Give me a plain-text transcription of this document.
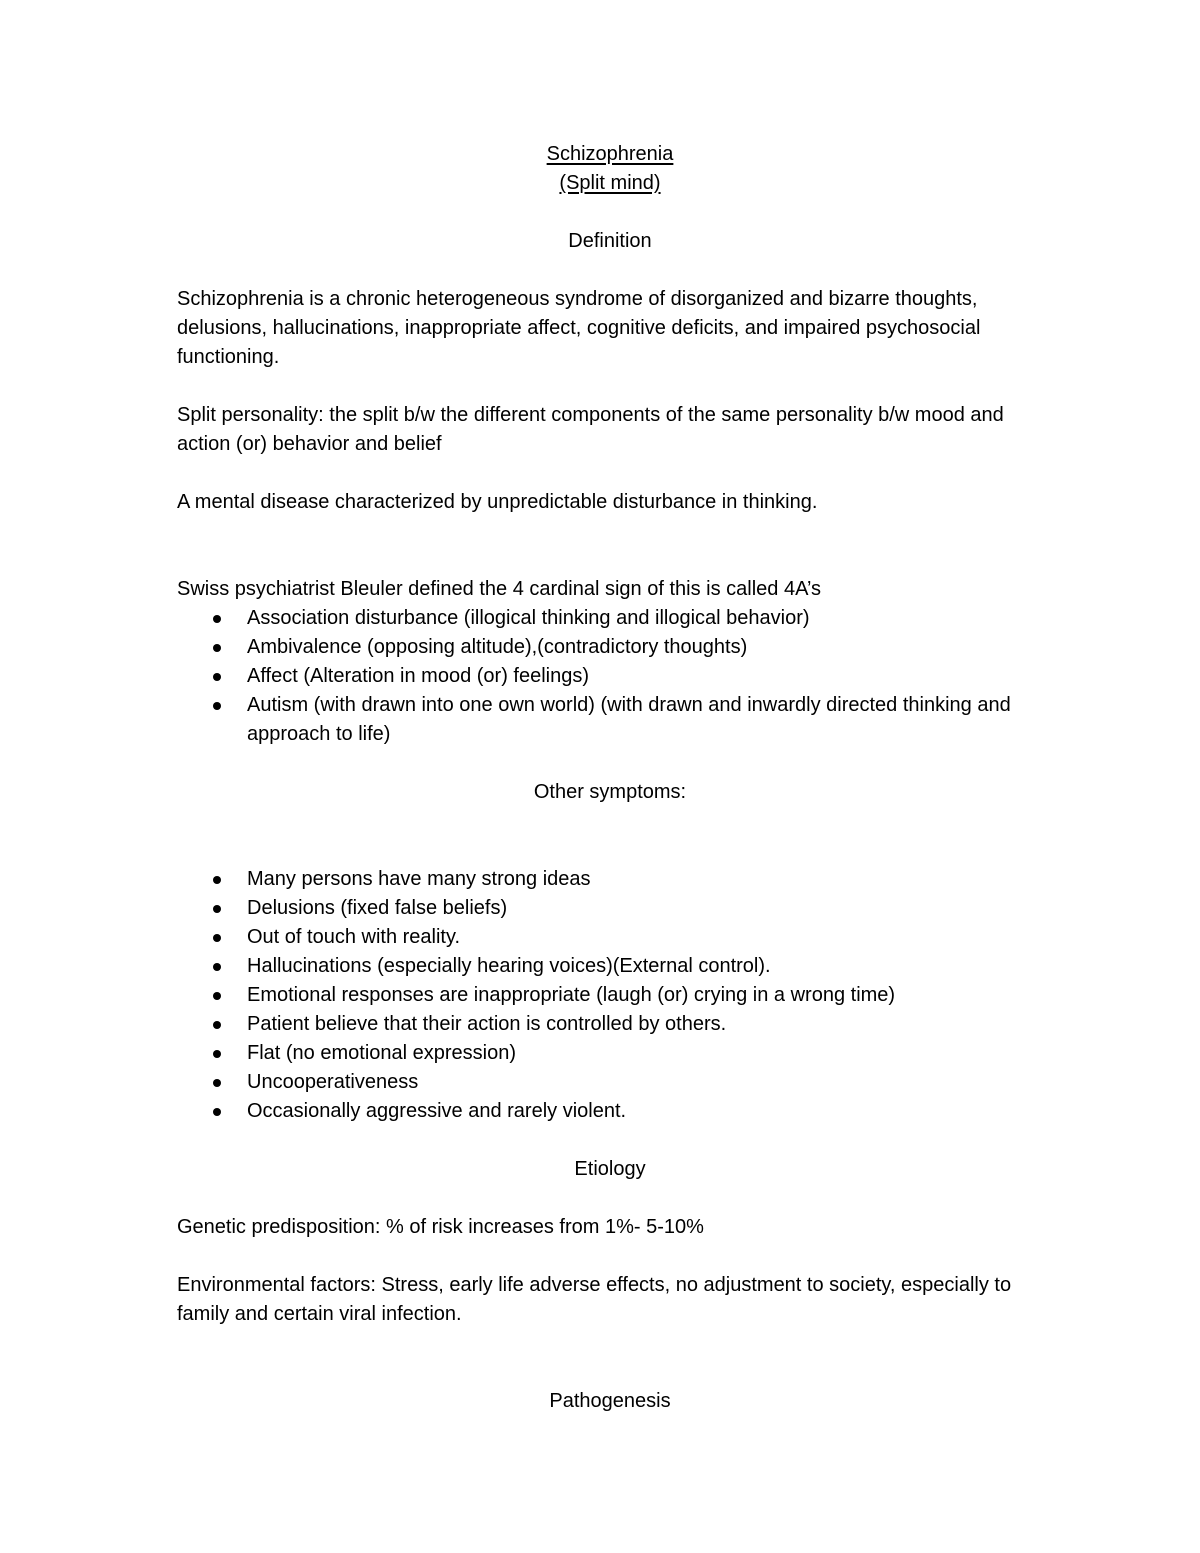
Schizophrenia

(Split mind)

Definition

Schizophrenia is a chronic heterogeneous syndrome of disorganized and bizarre thoughts, delusions, hallucinations, inappropriate affect, cognitive deficits, and impaired psychosocial functioning.

Split personality: the split b/w the different components of the same personality b/w mood and action (or) behavior and belief

A mental disease characterized by unpredictable disturbance in thinking.

Swiss psychiatrist Bleuler defined the 4 cardinal sign of this is called 4A’s

Association disturbance (illogical thinking and illogical behavior)
Ambivalence (opposing altitude),(contradictory thoughts)
Affect (Alteration in mood (or) feelings)
Autism (with drawn into one own world) (with drawn and inwardly directed thinking and approach to life)

Other symptoms:

Many persons have many strong ideas
Delusions (fixed false beliefs)
Out of touch with reality.
Hallucinations (especially hearing voices)(External control).
Emotional responses are inappropriate (laugh (or) crying in a wrong time)
Patient believe that their action is controlled by others.
Flat (no emotional expression)
Uncooperativeness
Occasionally aggressive and rarely violent.

Etiology

Genetic predisposition: % of risk increases from 1%- 5-10%

Environmental factors: Stress, early life adverse effects, no adjustment to society, especially to family and certain viral infection.

Pathogenesis
